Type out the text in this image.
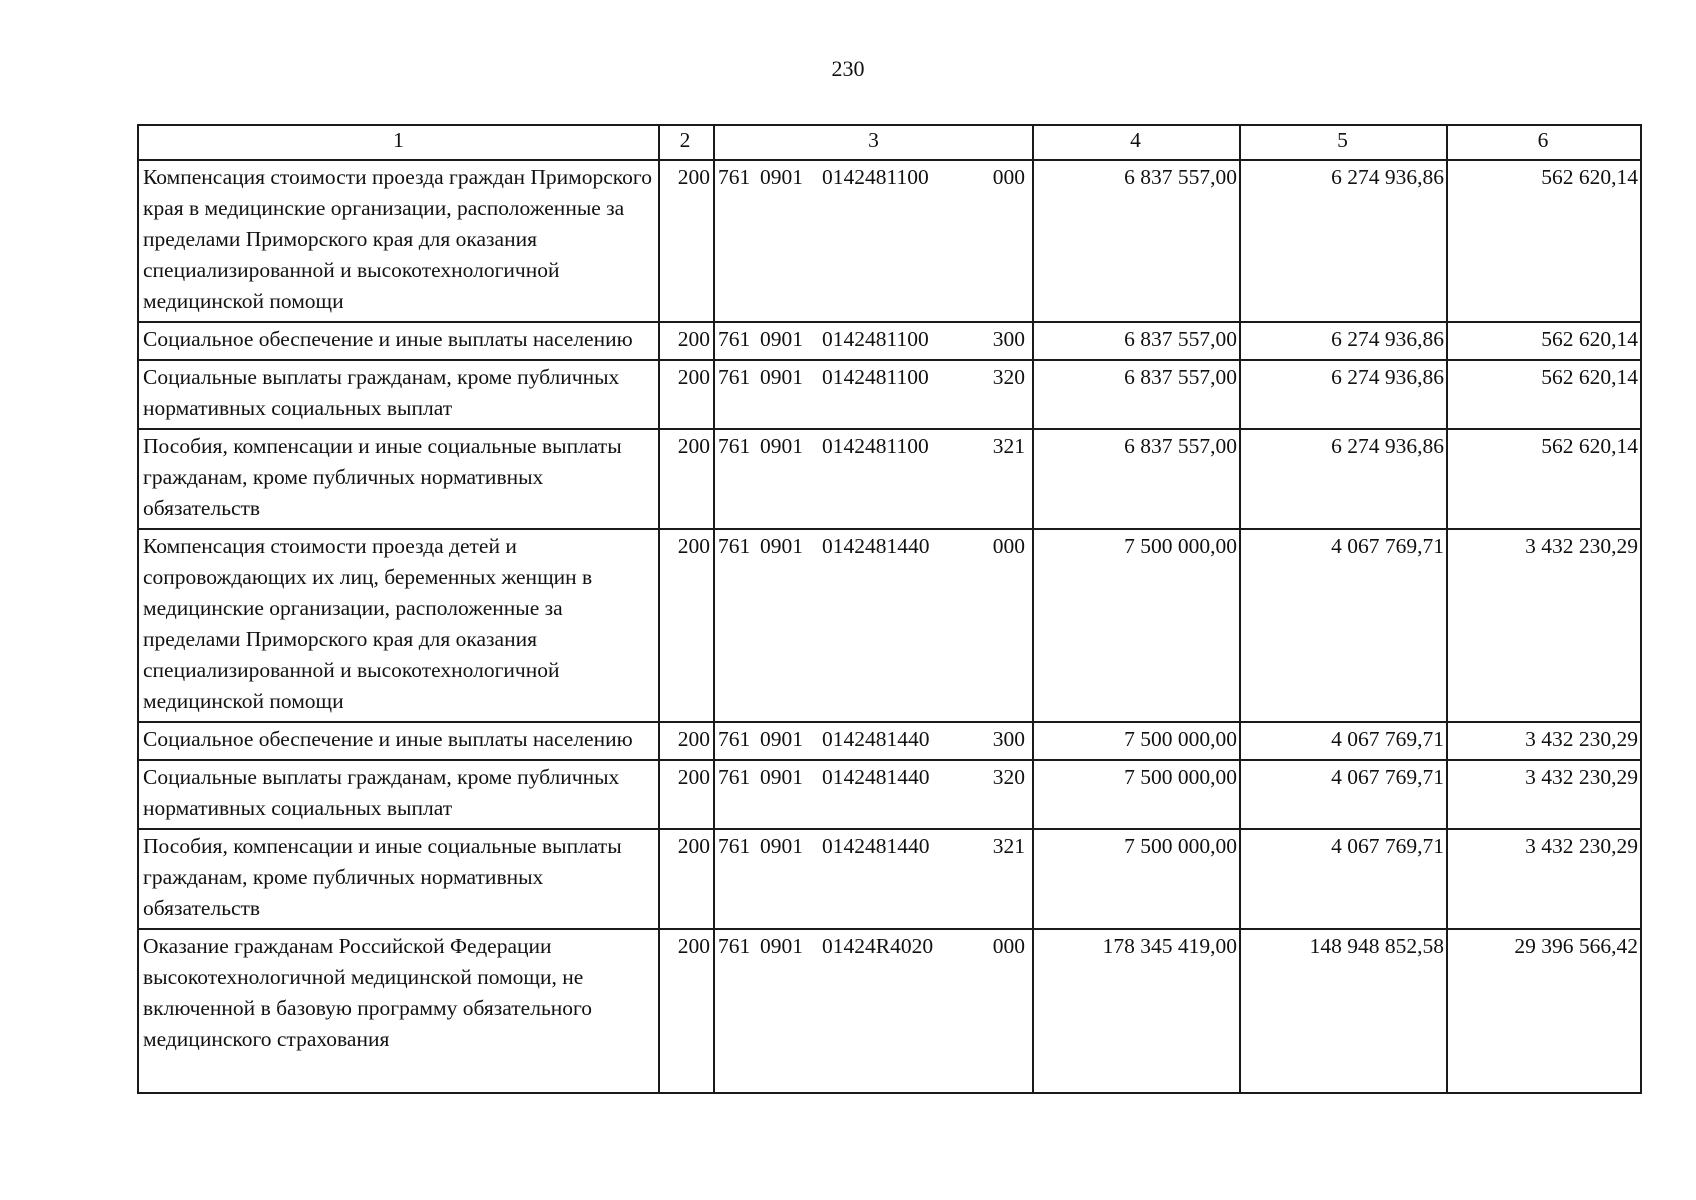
230
1	2	3	4	5	6

Компенсация стоимости проезда граждан Приморского края в медицинские организации, расположенные за пределами Приморского края для оказания специализированной и высокотехнологичной медицинской помощи	200	761 0901 0142481100 000	6 837 557,00	6 274 936,86	562 620,14

Социальное обеспечение и иные выплаты населению	200	761 0901 0142481100 300	6 837 557,00	6 274 936,86	562 620,14

Социальные выплаты гражданам, кроме публичных нормативных социальных выплат	200	761 0901 0142481100 320	6 837 557,00	6 274 936,86	562 620,14

Пособия, компенсации и иные социальные выплаты гражданам, кроме публичных нормативных обязательств	200	761 0901 0142481100 321	6 837 557,00	6 274 936,86	562 620,14

Компенсация стоимости проезда детей и сопровождающих их лиц, беременных женщин в медицинские организации, расположенные за пределами Приморского края для оказания специализированной и высокотехнологичной медицинской помощи	200	761 0901 0142481440 000	7 500 000,00	4 067 769,71	3 432 230,29

Социальное обеспечение и иные выплаты населению	200	761 0901 0142481440 300	7 500 000,00	4 067 769,71	3 432 230,29

Социальные выплаты гражданам, кроме публичных нормативных социальных выплат	200	761 0901 0142481440 320	7 500 000,00	4 067 769,71	3 432 230,29

Пособия, компенсации и иные социальные выплаты гражданам, кроме публичных нормативных обязательств	200	761 0901 0142481440 321	7 500 000,00	4 067 769,71	3 432 230,29

Оказание гражданам Российской Федерации высокотехнологичной медицинской помощи, не включенной в базовую программу обязательного медицинского страхования	200	761 0901 01424R4020 000	178 345 419,00	148 948 852,58	29 396 566,42
